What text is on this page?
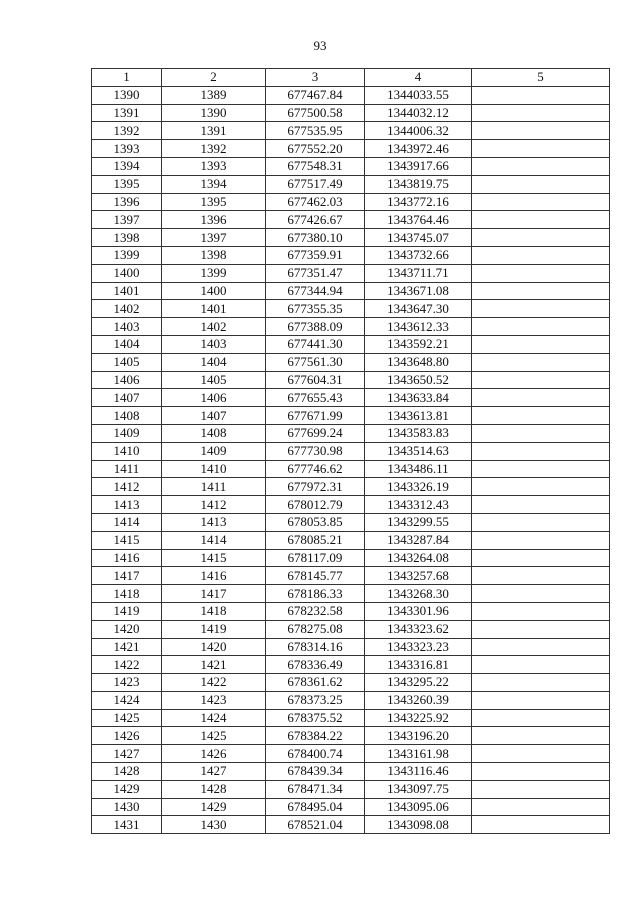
93
1	2	3	4	5
1390	1389	677467.84	1344033.55	
1391	1390	677500.58	1344032.12	
1392	1391	677535.95	1344006.32	
1393	1392	677552.20	1343972.46	
1394	1393	677548.31	1343917.66	
1395	1394	677517.49	1343819.75	
1396	1395	677462.03	1343772.16	
1397	1396	677426.67	1343764.46	
1398	1397	677380.10	1343745.07	
1399	1398	677359.91	1343732.66	
1400	1399	677351.47	1343711.71	
1401	1400	677344.94	1343671.08	
1402	1401	677355.35	1343647.30	
1403	1402	677388.09	1343612.33	
1404	1403	677441.30	1343592.21	
1405	1404	677561.30	1343648.80	
1406	1405	677604.31	1343650.52	
1407	1406	677655.43	1343633.84	
1408	1407	677671.99	1343613.81	
1409	1408	677699.24	1343583.83	
1410	1409	677730.98	1343514.63	
1411	1410	677746.62	1343486.11	
1412	1411	677972.31	1343326.19	
1413	1412	678012.79	1343312.43	
1414	1413	678053.85	1343299.55	
1415	1414	678085.21	1343287.84	
1416	1415	678117.09	1343264.08	
1417	1416	678145.77	1343257.68	
1418	1417	678186.33	1343268.30	
1419	1418	678232.58	1343301.96	
1420	1419	678275.08	1343323.62	
1421	1420	678314.16	1343323.23	
1422	1421	678336.49	1343316.81	
1423	1422	678361.62	1343295.22	
1424	1423	678373.25	1343260.39	
1425	1424	678375.52	1343225.92	
1426	1425	678384.22	1343196.20	
1427	1426	678400.74	1343161.98	
1428	1427	678439.34	1343116.46	
1429	1428	678471.34	1343097.75	
1430	1429	678495.04	1343095.06	
1431	1430	678521.04	1343098.08	
